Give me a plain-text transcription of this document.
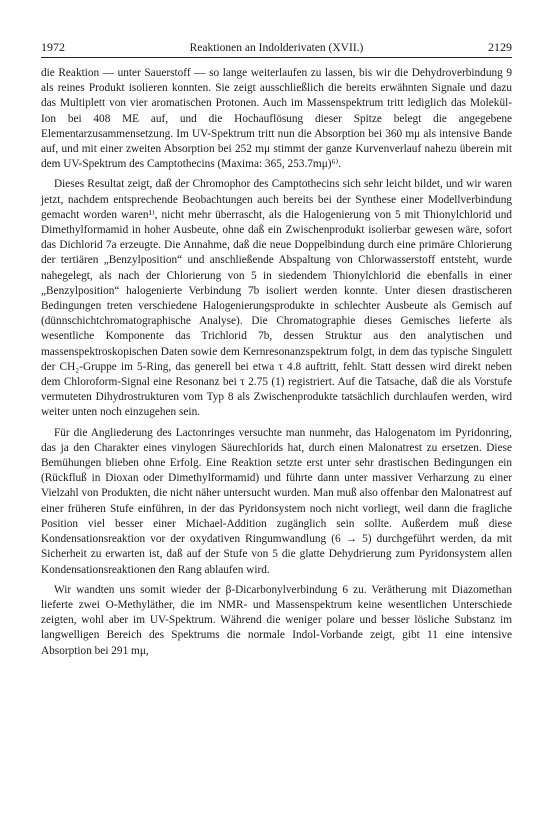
1972	Reaktionen an Indolderivaten (XVII.)	2129

die Reaktion — unter Sauerstoff — so lange weiterlaufen zu lassen, bis wir die Dehydroverbindung 9 als reines Produkt isolieren konnten. Sie zeigt ausschließlich die bereits erwähnten Signale und dazu das Multiplett von vier aromatischen Protonen. Auch im Massenspektrum tritt lediglich das Molekül-Ion bei 408 ME auf, und die Hochauflösung dieser Spitze belegt die angegebene Elementarzusammensetzung. Im UV-Spektrum tritt nun die Absorption bei 360 mμ als intensive Bande auf, und mit einer zweiten Absorption bei 252 mμ stimmt der ganze Kurvenverlauf nahezu überein mit dem UV-Spektrum des Camptothecins (Maxima: 365, 253.7mμ)⁶⁾.

Dieses Resultat zeigt, daß der Chromophor des Camptothecins sich sehr leicht bildet, und wir waren jetzt, nachdem entsprechende Beobachtungen auch bereits bei der Synthese einer Modellverbindung gemacht worden waren¹⁾, nicht mehr überrascht, als die Halogenierung von 5 mit Thionylchlorid und Dimethylformamid in hoher Ausbeute, ohne daß ein Zwischenprodukt isolierbar gewesen wäre, sofort das Dichlorid 7a erzeugte. Die Annahme, daß die neue Doppelbindung durch eine primäre Chlorierung der tertiären „Benzylposition“ und anschließende Abspaltung von Chlorwasserstoff entsteht, wurde nahegelegt, als nach der Chlorierung von 5 in siedendem Thionylchlorid die ebenfalls in einer „Benzylposition“ halogenierte Verbindung 7b isoliert werden konnte. Unter diesen drastischeren Bedingungen treten verschiedene Halogenierungsprodukte in schlechter Ausbeute als Gemisch auf (dünnschichtchromatographische Analyse). Die Chromatographie dieses Gemisches lieferte als wesentliche Komponente das Trichlorid 7b, dessen Struktur aus den analytischen und massenspektroskopischen Daten sowie dem Kernresonanzspektrum folgt, in dem das typische Singulett der CH₂-Gruppe im 5-Ring, das generell bei etwa τ 4.8 auftritt, fehlt. Statt dessen wird direkt neben dem Chloroform-Signal eine Resonanz bei τ 2.75 (1) registriert. Auf die Tatsache, daß die als Vorstufe vermuteten Dihydrostrukturen vom Typ 8 als Zwischenprodukte tatsächlich durchlaufen werden, wird weiter unten noch einzugehen sein.

Für die Angliederung des Lactonringes versuchte man nunmehr, das Halogenatom im Pyridonring, das ja den Charakter eines vinylogen Säurechlorids hat, durch einen Malonatrest zu ersetzen. Diese Bemühungen blieben ohne Erfolg. Eine Reaktion setzte erst unter sehr drastischen Bedingungen ein (Rückfluß in Dioxan oder Dimethylformamid) und führte dann unter massiver Verharzung zu einer Vielzahl von Produkten, die nicht näher untersucht wurden. Man muß also offenbar den Malonatrest auf einer früheren Stufe einführen, in der das Pyridonsystem noch nicht vorliegt, weil dann die fragliche Position viel besser einer Michael-Addition zugänglich sein sollte. Außerdem muß diese Kondensationsreaktion vor der oxydativen Ringumwandlung (6 → 5) durchgeführt werden, da mit Sicherheit zu erwarten ist, daß auf der Stufe von 5 die glatte Dehydrierung zum Pyridonsystem allen Kondensationsreaktionen den Rang ablaufen wird.

Wir wandten uns somit wieder der β-Dicarbonylverbindung 6 zu. Verätherung mit Diazomethan lieferte zwei O-Methyläther, die im NMR- und Massenspektrum keine wesentlichen Unterschiede zeigten, wohl aber im UV-Spektrum. Während die weniger polare und besser lösliche Substanz im langwelligen Bereich des Spektrums die normale Indol-Vorbande zeigt, gibt 11 eine intensive Absorption bei 291 mμ,
